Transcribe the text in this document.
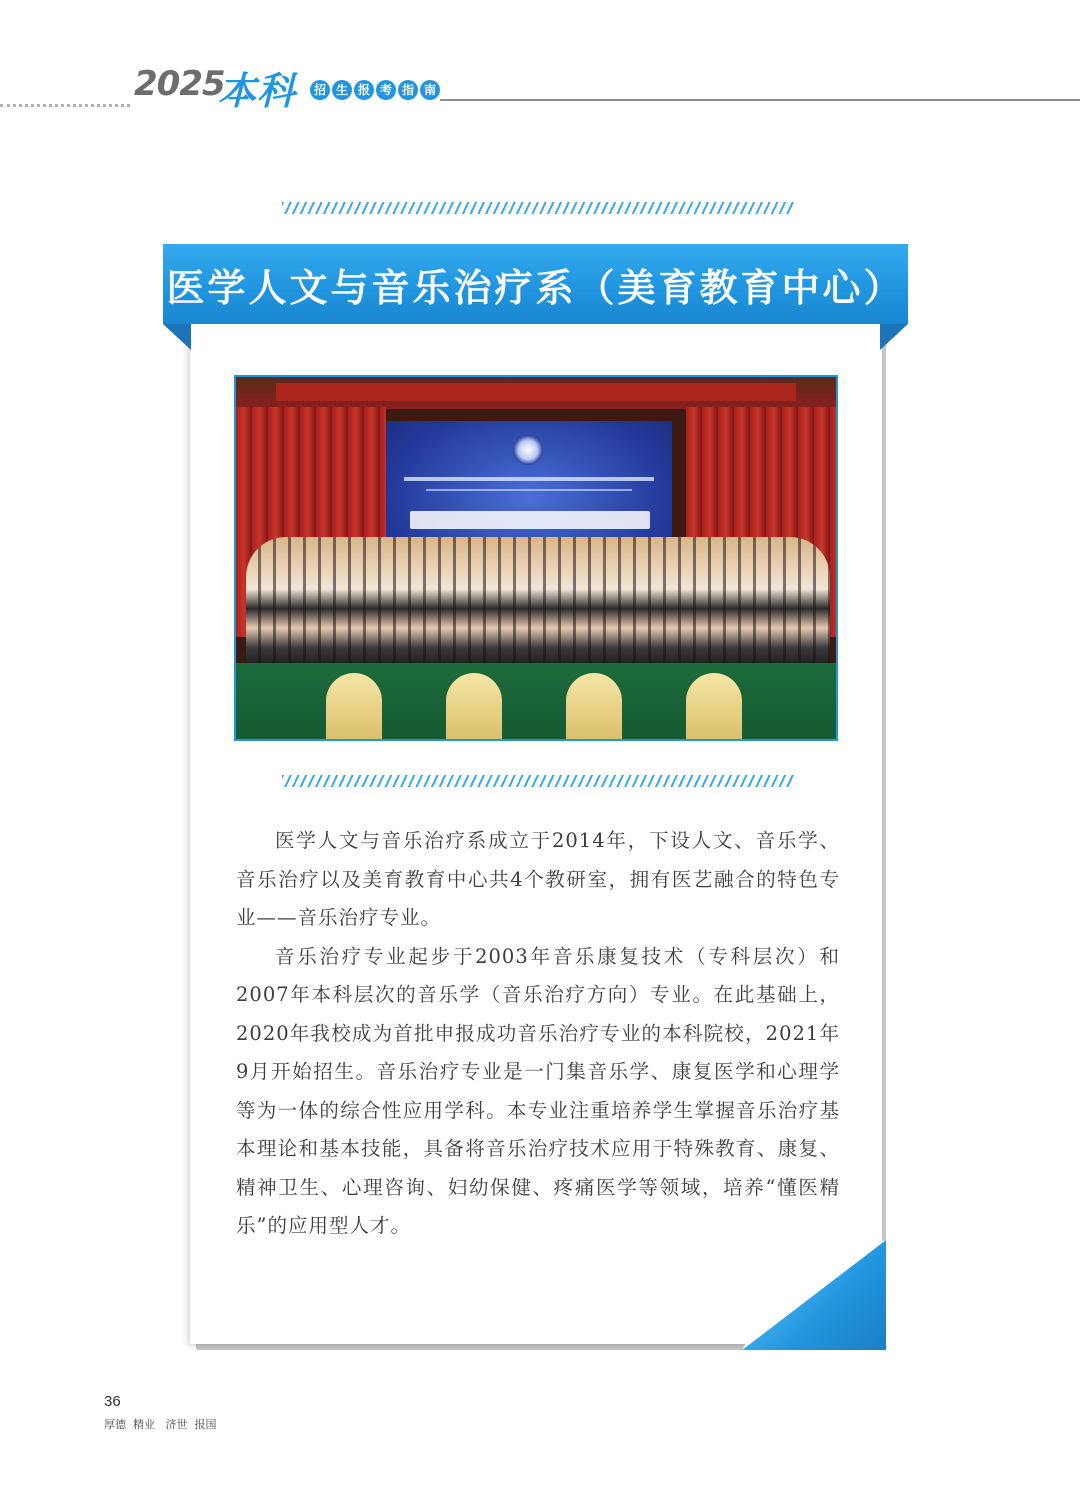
2025
本科	招 生 报 考 指 南
医学人文与音乐治疗系（美育教育中心）

医学人文与音乐治疗系成立于2014年，下设人文、音乐学、音乐治疗以及美育教育中心共4个教研室，拥有医艺融合的特色专业——音乐治疗专业。

音乐治疗专业起步于2003年音乐康复技术（专科层次）和2007年本科层次的音乐学（音乐治疗方向）专业。在此基础上，2020年我校成为首批申报成功音乐治疗专业的本科院校，2021年9月开始招生。音乐治疗专业是一门集音乐学、康复医学和心理学等为一体的综合性应用学科。本专业注重培养学生掌握音乐治疗基本理论和基本技能，具备将音乐治疗技术应用于特殊教育、康复、精神卫生、心理咨询、妇幼保健、疼痛医学等领域，培养“懂医精乐”的应用型人才。

36
厚德  精业   济世  报国
